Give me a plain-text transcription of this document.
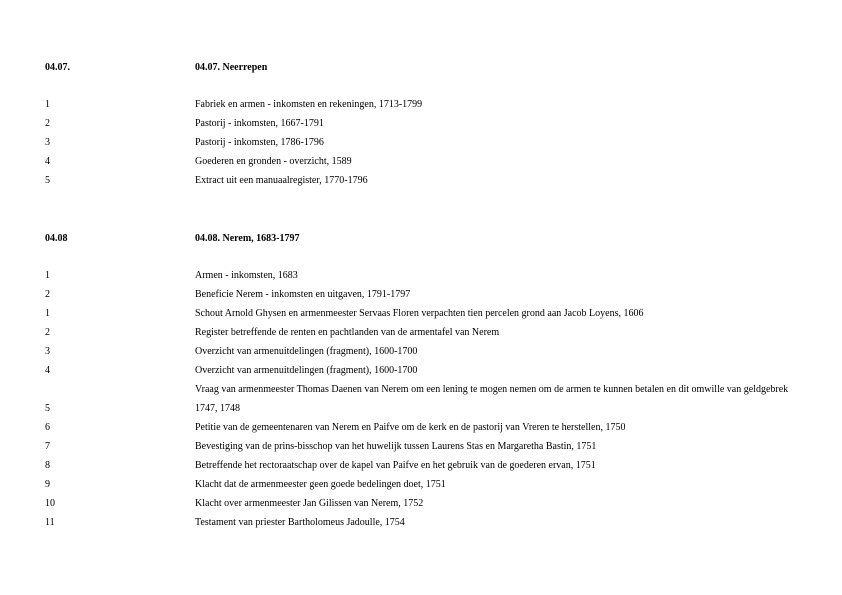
04.07.	04.07. Neerrepen
1	Fabriek en armen - inkomsten en rekeningen, 1713-1799
2	Pastorij - inkomsten, 1667-1791
3	Pastorij - inkomsten, 1786-1796
4	Goederen en gronden - overzicht, 1589
5	Extract uit een manuaalregister, 1770-1796
04.08	04.08. Nerem, 1683-1797
1	Armen - inkomsten, 1683
2	Beneficie Nerem - inkomsten en uitgaven, 1791-1797
1	Schout Arnold Ghysen en armenmeester Servaas Floren verpachten tien percelen grond aan Jacob Loyens, 1606
2	Register betreffende de renten en pachtlanden van de armentafel van Nerem
3	Overzicht van armenuitdelingen (fragment), 1600-1700
4	Overzicht van armenuitdelingen (fragment), 1600-1700
Vraag van armenmeester Thomas Daenen van Nerem om een lening te mogen nemen om de armen te kunnen betalen en dit omwille van geldgebrek
5	1747, 1748
6	Petitie van de gemeentenaren van Nerem en Paifve om de kerk en de pastorij van Vreren te herstellen, 1750
7	Bevestiging van de prins-bisschop van het huwelijk tussen Laurens Stas en Margaretha Bastin, 1751
8	Betreffende het rectoraatschap over de kapel van Paifve en het gebruik van de goederen ervan, 1751
9	Klacht dat de armenmeester geen goede bedelingen doet, 1751
10	Klacht over armenmeester Jan Gilissen van Nerem, 1752
11	Testament van priester Bartholomeus Jadoulle, 1754
